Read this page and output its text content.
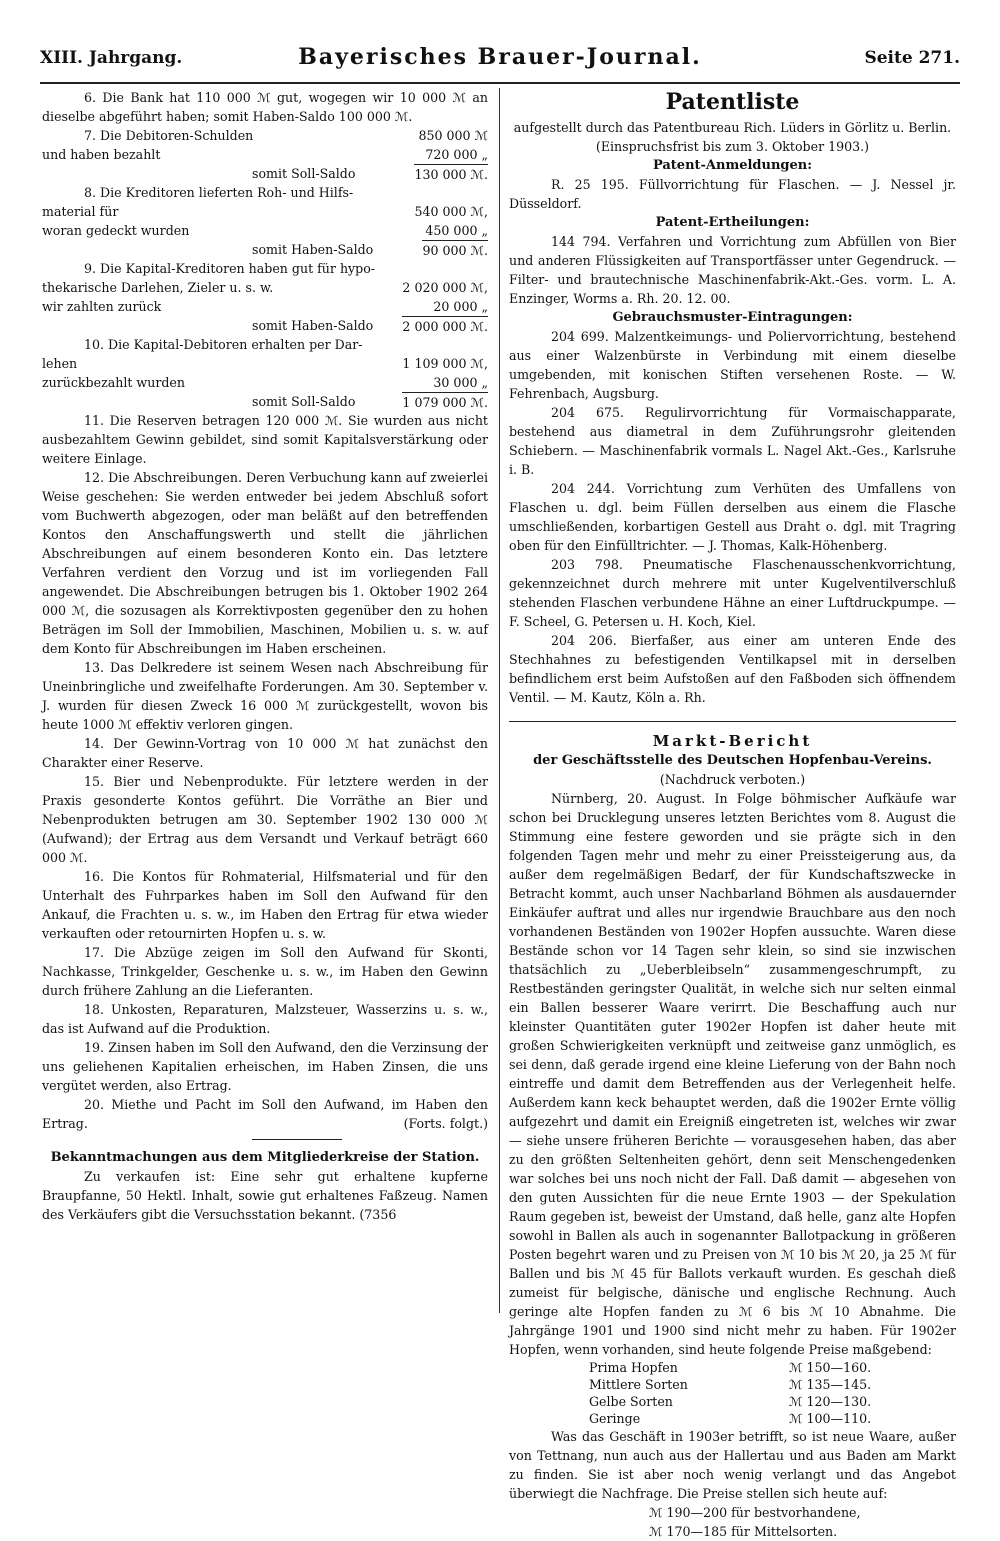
XIII. Jahrgang.	Bayerisches Brauer-Journal.	Seite 271.

6. Die Bank hat 110 000 ℳ gut, wogegen wir 10 000 ℳ an dieselbe abgeführt haben; somit Haben-Saldo 100 000 ℳ.

7. Die Debitoren-Schulden	850 000 ℳ
und haben bezahlt	720 000 „
somit Soll-Saldo	130 000 ℳ.

8. Die Kreditoren lieferten Roh- und Hilfs-

material für	540 000 ℳ,
woran gedeckt wurden	450 000 „
somit Haben-Saldo	90 000 ℳ.

9. Die Kapital-Kreditoren haben gut für hypo-

thekarische Darlehen, Zieler u. s. w.	2 020 000 ℳ,
wir zahlten zurück	20 000 „
somit Haben-Saldo 2 000 000 ℳ.

10. Die Kapital-Debitoren erhalten per Dar-

lehen	1 109 000 ℳ,
zurückbezahlt wurden	30 000 „
somit Soll-Saldo	1 079 000 ℳ.

11. Die Reserven betragen 120 000 ℳ. Sie wurden aus nicht ausbezahltem Gewinn gebildet, sind somit Kapitalsverstärkung oder weitere Einlage.

12. Die Abschreibungen. Deren Verbuchung kann auf zweierlei Weise geschehen: Sie werden entweder bei jedem Abschluß sofort vom Buchwerth abgezogen, oder man beläßt auf den betreffenden Kontos den Anschaffungswerth und stellt die jährlichen Abschreibungen auf einem besonderen Konto ein. Das letztere Verfahren verdient den Vorzug und ist im vorliegenden Fall angewendet. Die Abschreibungen betrugen bis 1. Oktober 1902 264 000 ℳ, die sozusagen als Korrektivposten gegenüber den zu hohen Beträgen im Soll der Immobilien, Maschinen, Mobilien u. s. w. auf dem Konto für Abschreibungen im Haben erscheinen.

13. Das Delkredere ist seinem Wesen nach Abschreibung für Uneinbringliche und zweifelhafte Forderungen. Am 30. September v. J. wurden für diesen Zweck 16 000 ℳ zurückgestellt, wovon bis heute 1000 ℳ effektiv verloren gingen.

14. Der Gewinn-Vortrag von 10 000 ℳ hat zunächst den Charakter einer Reserve.

15. Bier und Nebenprodukte. Für letztere werden in der Praxis gesonderte Kontos geführt. Die Vorräthe an Bier und Nebenprodukten betrugen am 30. September 1902 130 000 ℳ (Aufwand); der Ertrag aus dem Versandt und Verkauf beträgt 660 000 ℳ.

16. Die Kontos für Rohmaterial, Hilfsmaterial und für den Unterhalt des Fuhrparkes haben im Soll den Aufwand für den Ankauf, die Frachten u. s. w., im Haben den Ertrag für etwa wieder verkauften oder retournirten Hopfen u. s. w.

17. Die Abzüge zeigen im Soll den Aufwand für Skonti, Nachkasse, Trinkgelder, Geschenke u. s. w., im Haben den Gewinn durch frühere Zahlung an die Lieferanten.

18. Unkosten, Reparaturen, Malzsteuer, Wasserzins u. s. w., das ist Aufwand auf die Produktion.

19. Zinsen haben im Soll den Aufwand, den die Verzinsung der uns geliehenen Kapitalien erheischen, im Haben Zinsen, die uns vergütet werden, also Ertrag.

20. Miethe und Pacht im Soll den Aufwand, im Haben den Ertrag.	(Forts. folgt.)

Bekanntmachungen aus dem Mitgliederkreise der Station.

Zu verkaufen ist: Eine sehr gut erhaltene kupferne Braupfanne, 50 Hektl. Inhalt, sowie gut erhaltenes Faßzeug. Namen des Verkäufers gibt die Versuchsstation bekannt. (7356

Patentliste
aufgestellt durch das Patentbureau Rich. Lüders in Görlitz u. Berlin.
(Einspruchsfrist bis zum 3. Oktober 1903.)
Patent-Anmeldungen:

R. 25 195. Füllvorrichtung für Flaschen. — J. Nessel jr. Düsseldorf.

Patent-Ertheilungen:

144 794. Verfahren und Vorrichtung zum Abfüllen von Bier und anderen Flüssigkeiten auf Transportfässer unter Gegendruck. — Filter- und brautechnische Maschinenfabrik-Akt.-Ges. vorm. L. A. Enzinger, Worms a. Rh. 20. 12. 00.

Gebrauchsmuster-Eintragungen:

204 699. Malzentkeimungs- und Poliervorrichtung, bestehend aus einer Walzenbürste in Verbindung mit einem dieselbe umgebenden, mit konischen Stiften versehenen Roste. — W. Fehrenbach, Augsburg.

204 675. Regulirvorrichtung für Vormaischapparate, bestehend aus diametral in dem Zuführungsrohr gleitenden Schiebern. — Maschinenfabrik vormals L. Nagel Akt.-Ges., Karlsruhe i. B.

204 244. Vorrichtung zum Verhüten des Umfallens von Flaschen u. dgl. beim Füllen derselben aus einem die Flasche umschließenden, korbartigen Gestell aus Draht o. dgl. mit Tragring oben für den Einfülltrichter. — J. Thomas, Kalk-Höhenberg.

203 798. Pneumatische Flaschenausschenkvorrichtung, gekennzeichnet durch mehrere mit unter Kugelventilverschluß stehenden Flaschen verbundene Hähne an einer Luftdruckpumpe. — F. Scheel, G. Petersen u. H. Koch, Kiel.

204 206. Bierfaßer, aus einer am unteren Ende des Stechhahnes zu befestigenden Ventilkapsel mit in derselben befindlichem erst beim Aufstoßen auf den Faßboden sich öffnendem Ventil. — M. Kautz, Köln a. Rh.

Markt-Bericht
der Geschäftsstelle des Deutschen Hopfenbau-Vereins.
(Nachdruck verboten.)

Nürnberg, 20. August. In Folge böhmischer Aufkäufe war schon bei Drucklegung unseres letzten Berichtes vom 8. August die Stimmung eine festere geworden und sie prägte sich in den folgenden Tagen mehr und mehr zu einer Preissteigerung aus, da außer dem regelmäßigen Bedarf, der für Kundschaftszwecke in Betracht kommt, auch unser Nachbarland Böhmen als ausdauernder Einkäufer auftrat und alles nur irgendwie Brauchbare aus den noch vorhandenen Beständen von 1902er Hopfen aussuchte. Waren diese Bestände schon vor 14 Tagen sehr klein, so sind sie inzwischen thatsächlich zu „Ueberbleibseln“ zusammengeschrumpft, zu Restbeständen geringster Qualität, in welche sich nur selten einmal ein Ballen besserer Waare verirrt. Die Beschaffung auch nur kleinster Quantitäten guter 1902er Hopfen ist daher heute mit großen Schwierigkeiten verknüpft und zeitweise ganz unmöglich, es sei denn, daß gerade irgend eine kleine Lieferung von der Bahn noch eintreffe und damit dem Betreffenden aus der Verlegenheit helfe. Außerdem kann keck behauptet werden, daß die 1902er Ernte völlig aufgezehrt und damit ein Ereigniß eingetreten ist, welches wir zwar — siehe unsere früheren Berichte — vorausgesehen haben, das aber zu den größten Seltenheiten gehört, denn seit Menschengedenken war solches bei uns noch nicht der Fall. Daß damit — abgesehen von den guten Aussichten für die neue Ernte 1903 — der Spekulation Raum gegeben ist, beweist der Umstand, daß helle, ganz alte Hopfen sowohl in Ballen als auch in sogenannter Ballotpackung in größeren Posten begehrt waren und zu Preisen von ℳ 10 bis ℳ 20, ja 25 ℳ für Ballen und bis ℳ 45 für Ballots verkauft wurden. Es geschah dieß zumeist für belgische, dänische und englische Rechnung. Auch geringe alte Hopfen fanden zu ℳ 6 bis ℳ 10 Abnahme. Die Jahrgänge 1901 und 1900 sind nicht mehr zu haben. Für 1902er Hopfen, wenn vorhanden, sind heute folgende Preise maßgebend:

Prima Hopfen	ℳ 150—160.
Mittlere Sorten	ℳ 135—145.
Gelbe Sorten	ℳ 120—130.
Geringe	ℳ 100—110.

Was das Geschäft in 1903er betrifft, so ist neue Waare, außer von Tettnang, nun auch aus der Hallertau und aus Baden am Markt zu finden. Sie ist aber noch wenig verlangt und das Angebot überwiegt die Nachfrage. Die Preise stellen sich heute auf:

ℳ 190—200 für bestvorhandene,

ℳ 170—185 für Mittelsorten.
